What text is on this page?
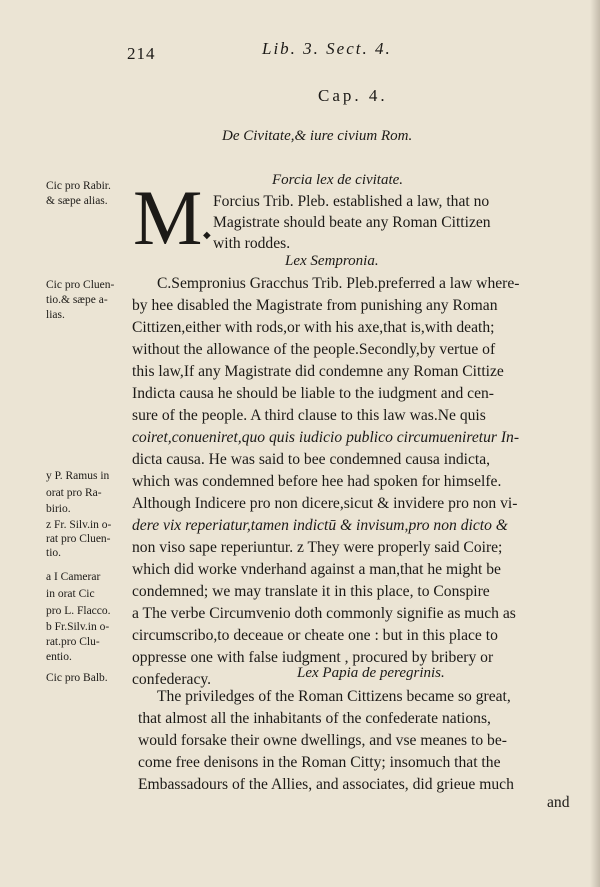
214	Lib. 3. Sect. 4.
Cap. 4.
De Civitate,& iure civium Rom.
Forcia lex de civitate.
M ◆
Forcius Trib. Pleb. established a law, that no
Magistrate should beate any Roman Cittizen
with roddes.
Lex Sempronia.
C.Sempronius Gracchus Trib. Pleb.preferred a law where-
by hee disabled the Magistrate from punishing any Roman
Cittizen,either with rods,or with his axe,that is,with death;
without the allowance of the people.Secondly,by vertue of
this law,If any Magistrate did condemne any Roman Cittize
Indicta causa he should be liable to the iudgment and cen-
sure of the people. A third clause to this law was.Ne quis
coiret,conueniret,quo quis iudicio publico circumueniretur In-
dicta causa. He was said to bee condemned causa indicta,
which was condemned before hee had spoken for himselfe.
Although Indicere pro non dicere,sicut & invidere pro non vi-
dere vix reperiatur,tamen indictū & invisum,pro non dicto &
non viso sape reperiuntur. z They were properly said Coire;
which did worke vnderhand against a man,that he might be
condemned; we may translate it in this place, to Conspire
a The verbe Circumvenio doth commonly signifie as much as
circumscribo,to deceaue or cheate one : but in this place to
oppresse one with false iudgment , procured by bribery or
confederacy.	Lex Papia de peregrinis.
The priviledges of the Roman Cittizens became so great,
that almost all the inhabitants of the confederate nations,
would forsake their owne dwellings, and vse meanes to be-
come free denisons in the Roman Citty; insomuch that the
Embassadours of the Allies, and associates, did grieue much
and
Cic pro Rabir.
& sæpe alias.
Cic pro Cluen-
tio.& sæpe a-
lias.
y P. Ramus in
orat pro Ra-
birio.
z Fr. Silv.in o-
rat pro Cluen-
tio.
a I Camerar
in orat Cic
pro L. Flacco.
b Fr.Silv.in o-
rat.pro Clu-
entio.
Cic pro Balb.
